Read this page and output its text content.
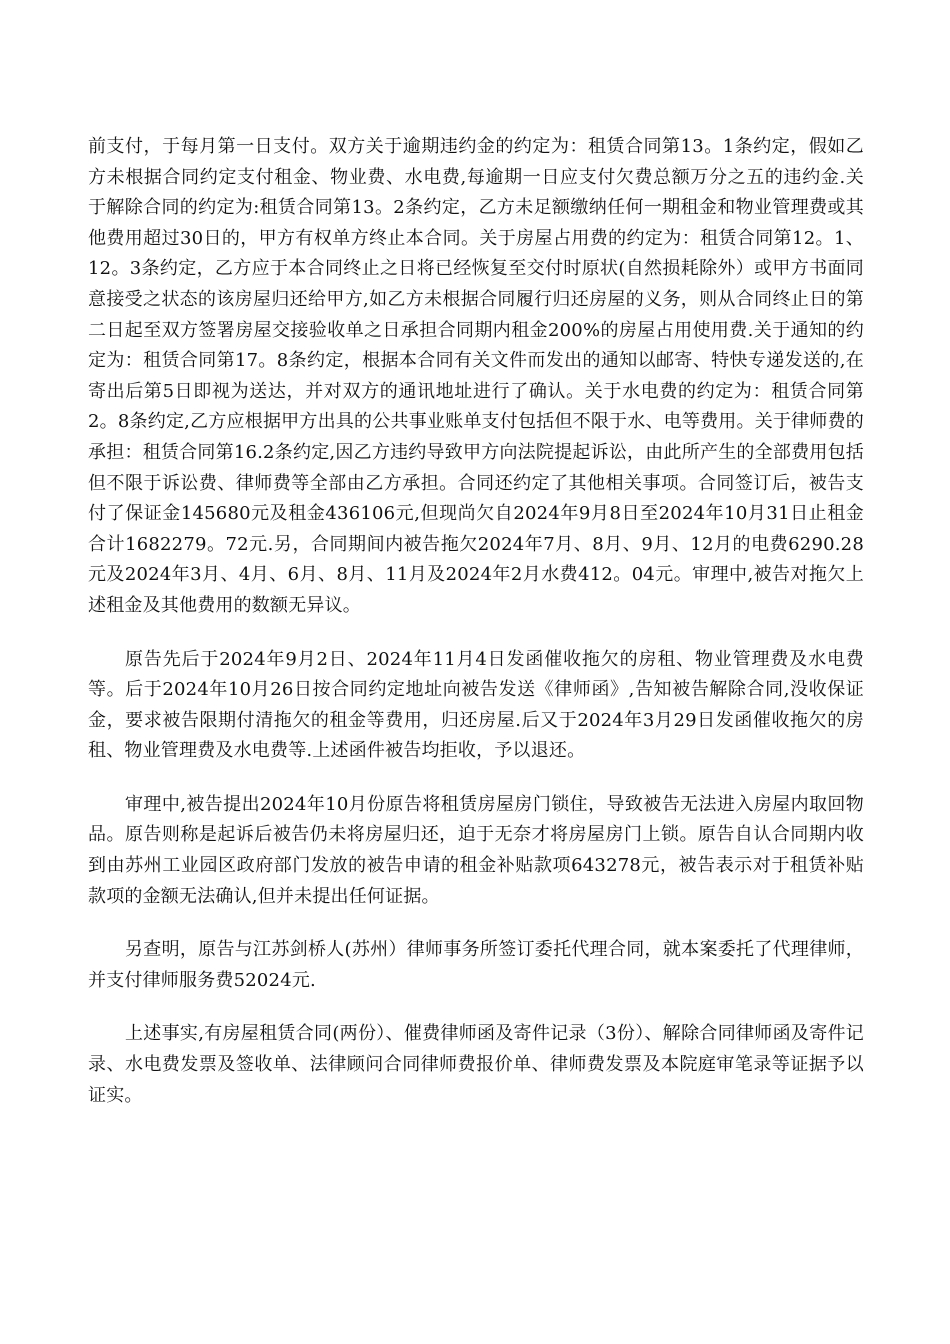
前支付，于每月第一日支付。双方关于逾期违约金的约定为：租赁合同第13。1条约定，假如乙方未根据合同约定支付租金、物业费、水电费,每逾期一日应支付欠费总额万分之五的违约金.关于解除合同的约定为:租赁合同第13。2条约定，乙方未足额缴纳任何一期租金和物业管理费或其他费用超过30日的，甲方有权单方终止本合同。关于房屋占用费的约定为：租赁合同第12。1、12。3条约定，乙方应于本合同终止之日将已经恢复至交付时原状(自然损耗除外）或甲方书面同意接受之状态的该房屋归还给甲方,如乙方未根据合同履行归还房屋的义务，则从合同终止日的第二日起至双方签署房屋交接验收单之日承担合同期内租金200%的房屋占用使用费.关于通知的约定为：租赁合同第17。8条约定，根据本合同有关文件而发出的通知以邮寄、特快专递发送的,在寄出后第5日即视为送达，并对双方的通讯地址进行了确认。关于水电费的约定为：租赁合同第2。8条约定,乙方应根据甲方出具的公共事业账单支付包括但不限于水、电等费用。关于律师费的承担：租赁合同第16.2条约定,因乙方违约导致甲方向法院提起诉讼，由此所产生的全部费用包括但不限于诉讼费、律师费等全部由乙方承担。合同还约定了其他相关事项。合同签订后，被告支付了保证金145680元及租金436106元,但现尚欠自2024年9月8日至2024年10月31日止租金合计1682279。72元.另，合同期间内被告拖欠2024年7月、8月、9月、12月的电费6290.28元及2024年3月、4月、6月、8月、11月及2024年2月水费412。04元。审理中,被告对拖欠上述租金及其他费用的数额无异议。

原告先后于2024年9月2日、2024年11月4日发函催收拖欠的房租、物业管理费及水电费等。后于2024年10月26日按合同约定地址向被告发送《律师函》,告知被告解除合同,没收保证金，要求被告限期付清拖欠的租金等费用，归还房屋.后又于2024年3月29日发函催收拖欠的房租、物业管理费及水电费等.上述函件被告均拒收，予以退还。

审理中,被告提出2024年10月份原告将租赁房屋房门锁住，导致被告无法进入房屋内取回物品。原告则称是起诉后被告仍未将房屋归还，迫于无奈才将房屋房门上锁。原告自认合同期内收到由苏州工业园区政府部门发放的被告申请的租金补贴款项643278元，被告表示对于租赁补贴款项的金额无法确认,但并未提出任何证据。

另查明，原告与江苏剑桥人(苏州）律师事务所签订委托代理合同，就本案委托了代理律师，并支付律师服务费52024元.

上述事实,有房屋租赁合同(两份）、催费律师函及寄件记录（3份）、解除合同律师函及寄件记录、水电费发票及签收单、法律顾问合同律师费报价单、律师费发票及本院庭审笔录等证据予以证实。
